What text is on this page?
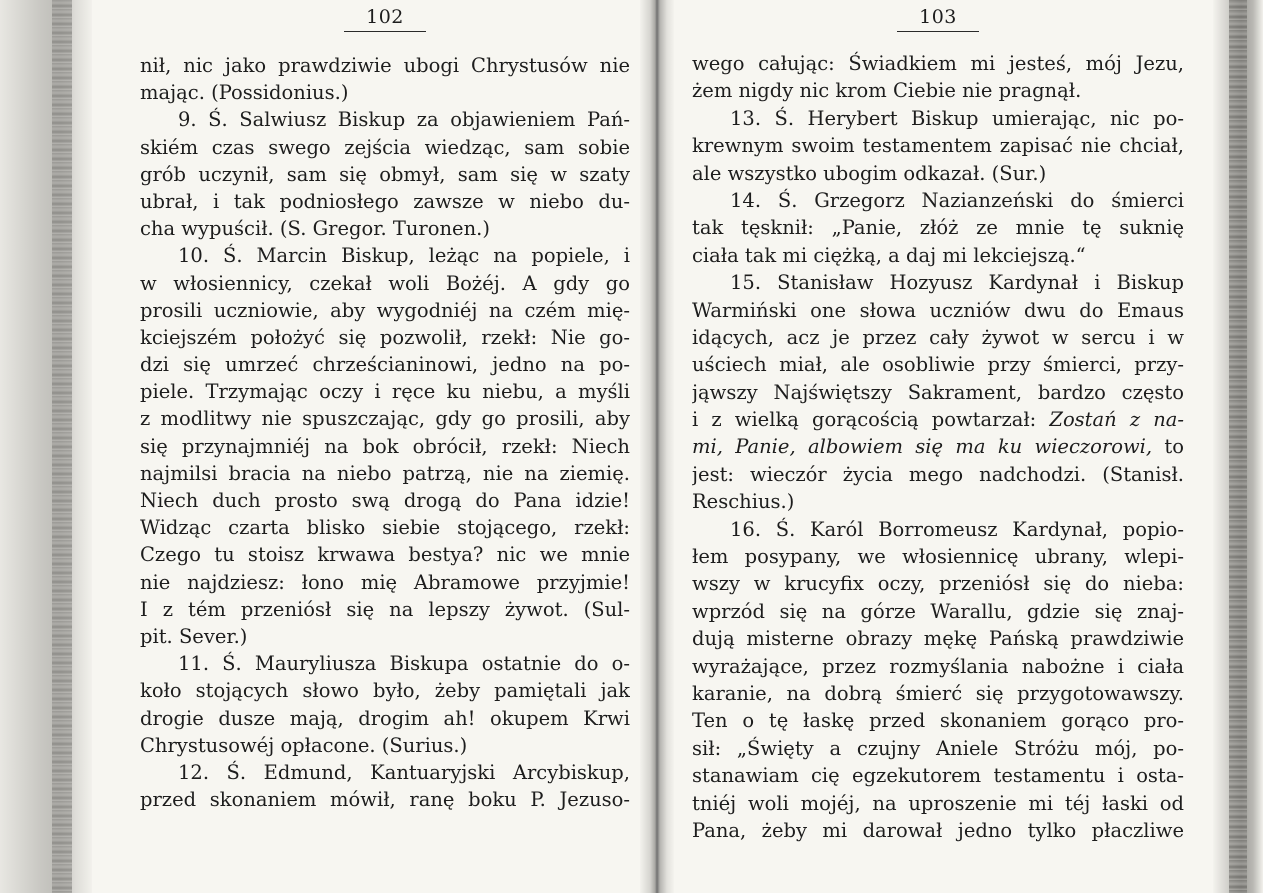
102
nił, nic jako prawdziwie ubogi Chrystusów nie
mając. (Possidonius.)
9. Ś. Salwiusz Biskup za objawieniem Pań-
skiém czas swego zejścia wiedząc, sam sobie
grób uczynił, sam się obmył, sam się w szaty
ubrał, i tak podniosłego zawsze w niebo du-
cha wypuścił. (S. Gregor. Turonen.)
10. Ś. Marcin Biskup, leżąc na popiele, i
w włosiennicy, czekał woli Bożéj. A gdy go
prosili uczniowie, aby wygodniéj na czém mię-
kciejszém położyć się pozwolił, rzekł: Nie go-
dzi się umrzeć chrześcianinowi, jedno na po-
piele. Trzymając oczy i ręce ku niebu, a myśli
z modlitwy nie spuszczając, gdy go prosili, aby
się przynajmniéj na bok obrócił, rzekł: Niech
najmilsi bracia na niebo patrzą, nie na ziemię.
Niech duch prosto swą drogą do Pana idzie!
Widząc czarta blisko siebie stojącego, rzekł:
Czego tu stoisz krwawa bestya? nic we mnie
nie najdziesz: łono mię Abramowe przyjmie!
I z tém przeniósł się na lepszy żywot. (Sul-
pit. Sever.)
11. Ś. Mauryliusza Biskupa ostatnie do o-
koło stojących słowo było, żeby pamiętali jak
drogie dusze mają, drogim ah! okupem Krwi
Chrystusowéj opłacone. (Surius.)
12. Ś. Edmund, Kantuaryjski Arcybiskup,
przed skonaniem mówił, ranę boku P. Jezuso-
103
wego całując: Świadkiem mi jesteś, mój Jezu,
żem nigdy nic krom Ciebie nie pragnął.
13. Ś. Herybert Biskup umierając, nic po-
krewnym swoim testamentem zapisać nie chciał,
ale wszystko ubogim odkazał. (Sur.)
14. Ś. Grzegorz Nazianzeński do śmierci
tak tęsknił: „Panie, złóż ze mnie tę suknię
ciała tak mi ciężką, a daj mi lekciejszą.“
15. Stanisław Hozyusz Kardynał i Biskup
Warmiński one słowa uczniów dwu do Emaus
idących, acz je przez cały żywot w sercu i w
uściech miał, ale osobliwie przy śmierci, przy-
jąwszy Najświętszy Sakrament, bardzo często
i z wielką gorącością powtarzał: Zostań z na-
mi, Panie, albowiem się ma ku wieczorowi, to
jest: wieczór życia mego nadchodzi. (Stanisł.
Reschius.)
16. Ś. Karól Borromeusz Kardynał, popio-
łem posypany, we włosiennicę ubrany, wlepi-
wszy w krucyfix oczy, przeniósł się do nieba:
wprzód się na górze Warallu, gdzie się znaj-
dują misterne obrazy mękę Pańską prawdziwie
wyrażające, przez rozmyślania nabożne i ciała
karanie, na dobrą śmierć się przygotowawszy.
Ten o tę łaskę przed skonaniem gorąco pro-
sił: „Święty a czujny Aniele Stróżu mój, po-
stanawiam cię egzekutorem testamentu i osta-
tniéj woli mojéj, na uproszenie mi téj łaski od
Pana, żeby mi darował jedno tylko płaczliwe
